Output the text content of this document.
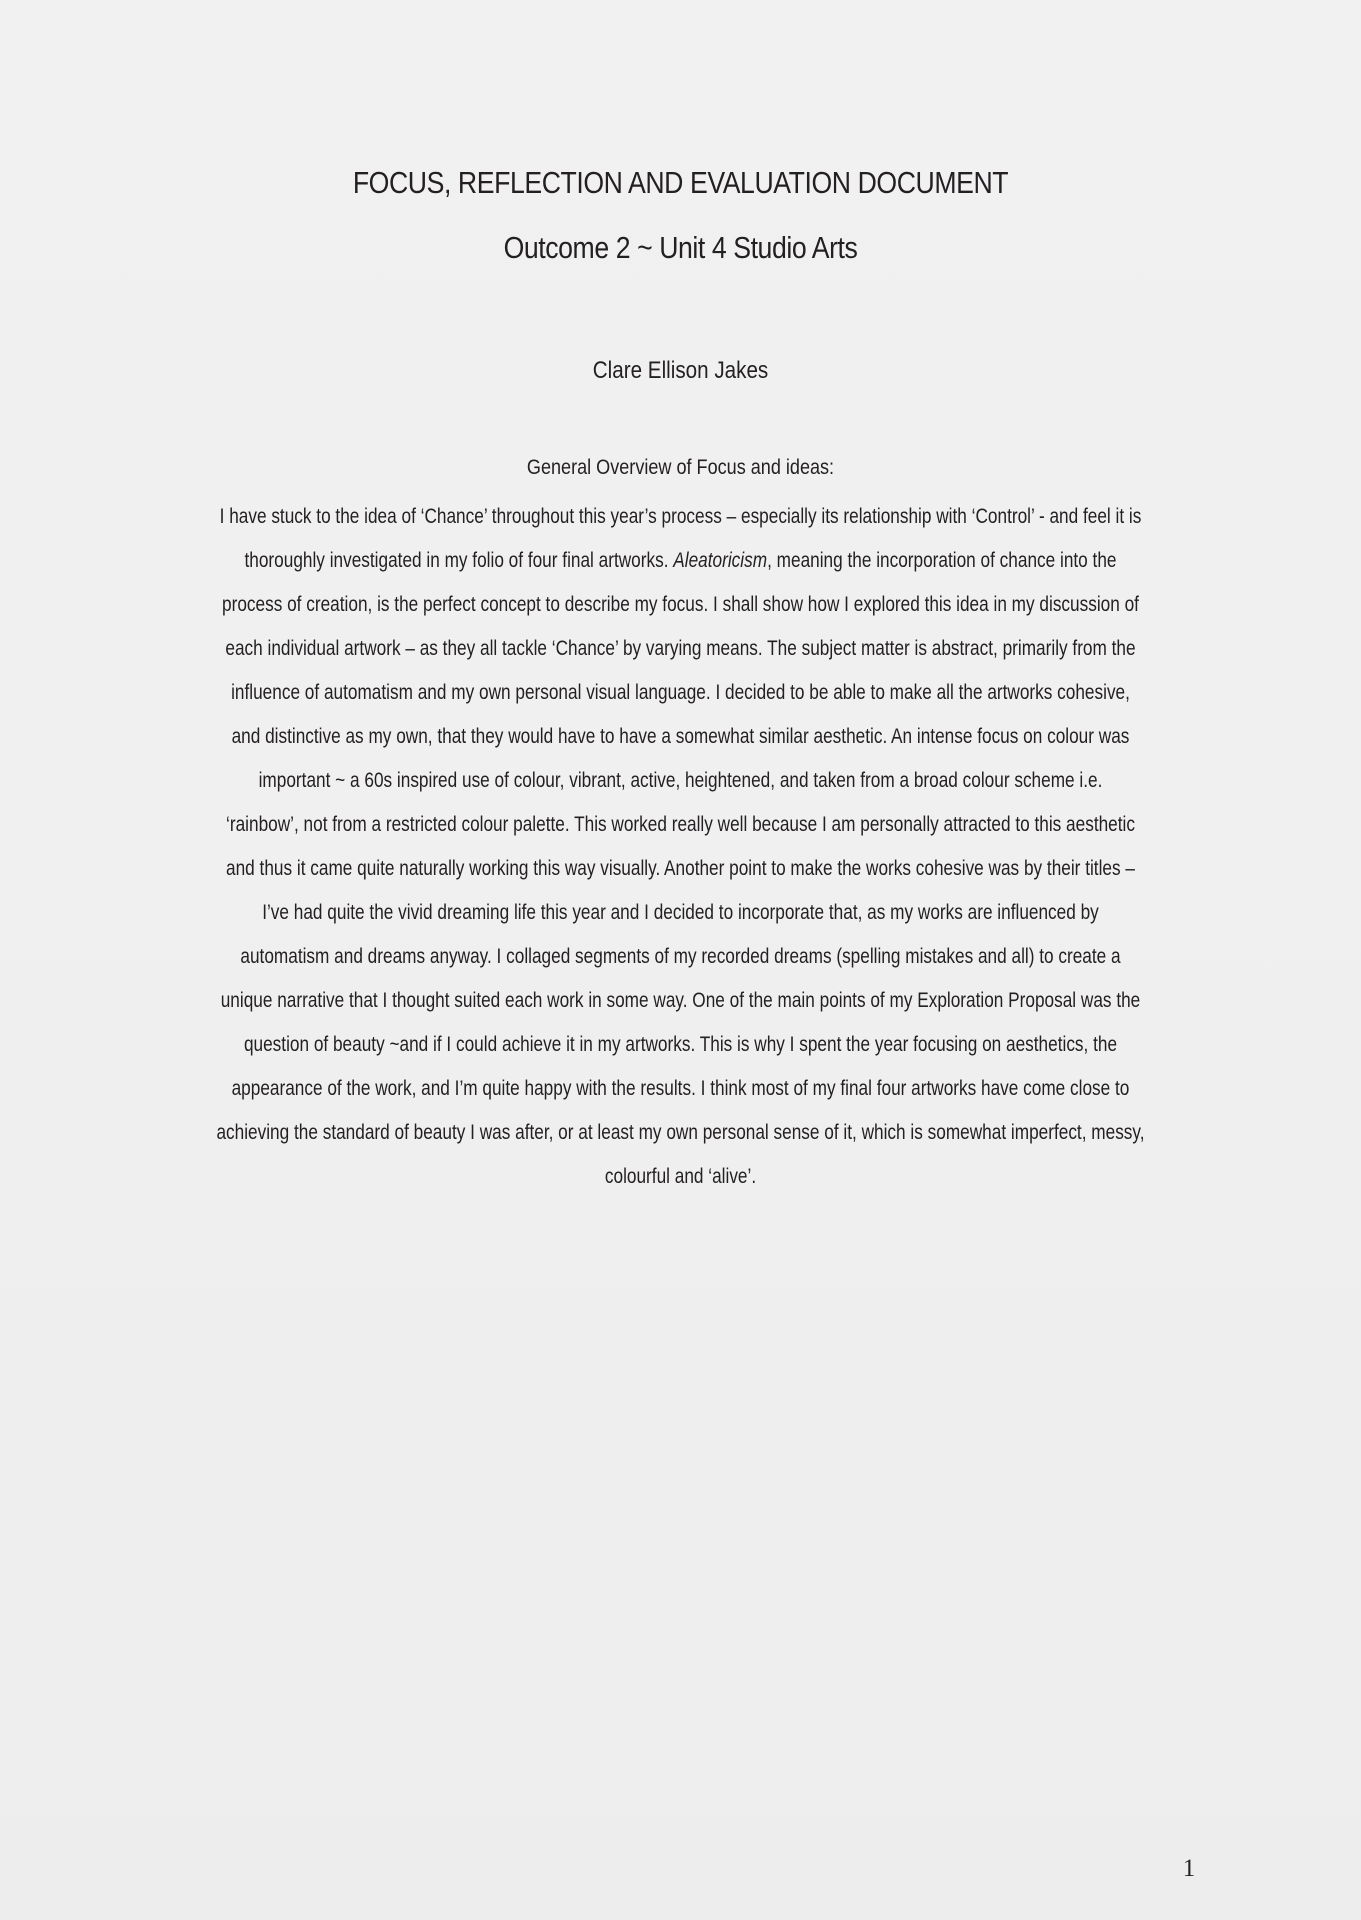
FOCUS, REFLECTION AND EVALUATION DOCUMENT
Outcome 2 ~ Unit 4 Studio Arts
Clare Ellison Jakes
General Overview of Focus and ideas:
I have stuck to the idea of ‘Chance’ throughout this year’s process – especially its relationship with ‘Control’ - and feel it is
thoroughly investigated in my folio of four final artworks. Aleatoricism, meaning the incorporation of chance into the
process of creation, is the perfect concept to describe my focus. I shall show how I explored this idea in my discussion of
each individual artwork – as they all tackle ‘Chance’ by varying means. The subject matter is abstract, primarily from the
influence of automatism and my own personal visual language. I decided to be able to make all the artworks cohesive,
and distinctive as my own, that they would have to have a somewhat similar aesthetic. An intense focus on colour was
important ~ a 60s inspired use of colour, vibrant, active, heightened, and taken from a broad colour scheme i.e.
‘rainbow’, not from a restricted colour palette. This worked really well because I am personally attracted to this aesthetic
and thus it came quite naturally working this way visually. Another point to make the works cohesive was by their titles –
I’ve had quite the vivid dreaming life this year and I decided to incorporate that, as my works are influenced by
automatism and dreams anyway. I collaged segments of my recorded dreams (spelling mistakes and all) to create a
unique narrative that I thought suited each work in some way. One of the main points of my Exploration Proposal was the
question of beauty ~and if I could achieve it in my artworks. This is why I spent the year focusing on aesthetics, the
appearance of the work, and I’m quite happy with the results. I think most of my final four artworks have come close to
achieving the standard of beauty I was after, or at least my own personal sense of it, which is somewhat imperfect, messy,
colourful and ‘alive’.
1
